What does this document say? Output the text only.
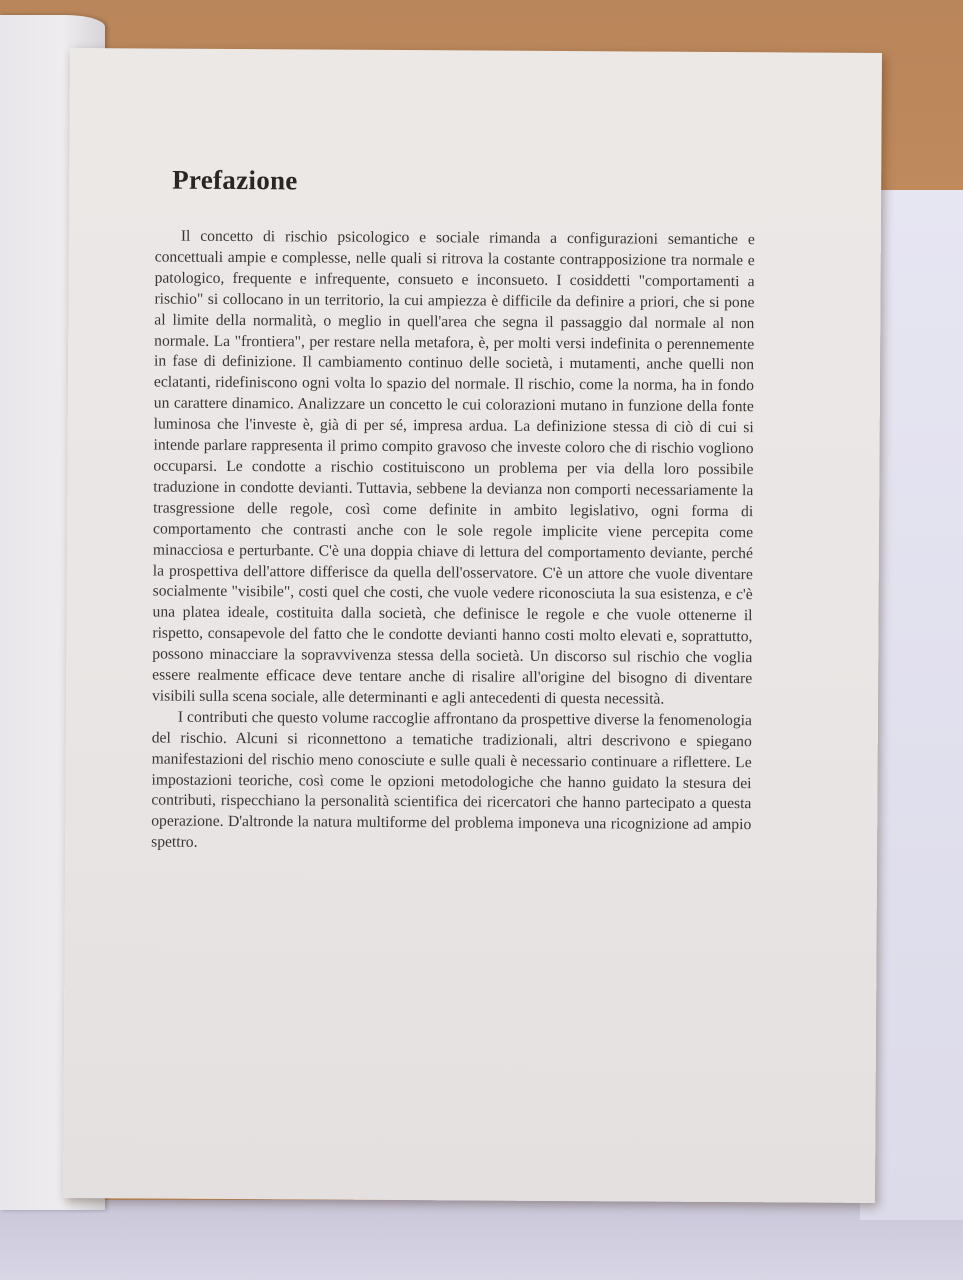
Prefazione

Il concetto di rischio psicologico e sociale rimanda a configurazioni semantiche e concettuali ampie e complesse, nelle quali si ritrova la costante contrapposizione tra normale e patologico, frequente e infrequente, consueto e inconsueto. I cosiddetti "comportamenti a rischio" si collocano in un territorio, la cui ampiezza è difficile da definire a priori, che si pone al limite della normalità, o meglio in quell'area che segna il passaggio dal normale al non normale. La "frontiera", per restare nella metafora, è, per molti versi indefinita o perennemente in fase di definizione. Il cambiamento continuo delle società, i mutamenti, anche quelli non eclatanti, ridefiniscono ogni volta lo spazio del normale. Il rischio, come la norma, ha in fondo un carattere dinamico. Analizzare un concetto le cui colorazioni mutano in funzione della fonte luminosa che l'investe è, già di per sé, impresa ardua. La definizione stessa di ciò di cui si intende parlare rappresenta il primo compito gravoso che investe coloro che di rischio vogliono occuparsi. Le condotte a rischio costituiscono un problema per via della loro possibile traduzione in condotte devianti. Tuttavia, sebbene la devianza non comporti necessariamente la trasgressione delle regole, così come definite in ambito legislativo, ogni forma di comportamento che contrasti anche con le sole regole implicite viene percepita come minacciosa e perturbante. C'è una doppia chiave di lettura del comportamento deviante, perché la prospettiva dell'attore differisce da quella dell'osservatore. C'è un attore che vuole diventare socialmente "visibile", costi quel che costi, che vuole vedere riconosciuta la sua esistenza, e c'è una platea ideale, costituita dalla società, che definisce le regole e che vuole ottenerne il rispetto, consapevole del fatto che le condotte devianti hanno costi molto elevati e, soprattutto, possono minacciare la sopravvivenza stessa della società. Un discorso sul rischio che voglia essere realmente efficace deve tentare anche di risalire all'origine del bisogno di diventare visibili sulla scena sociale, alle determinanti e agli antecedenti di questa necessità.

I contributi che questo volume raccoglie affrontano da prospettive diverse la fenomenologia del rischio. Alcuni si riconnettono a tematiche tradizionali, altri descrivono e spiegano manifestazioni del rischio meno conosciute e sulle quali è necessario continuare a riflettere. Le impostazioni teoriche, così come le opzioni metodologiche che hanno guidato la stesura dei contributi, rispecchiano la personalità scientifica dei ricercatori che hanno partecipato a questa operazione. D'altronde la natura multiforme del problema imponeva una ricognizione ad ampio spettro.
